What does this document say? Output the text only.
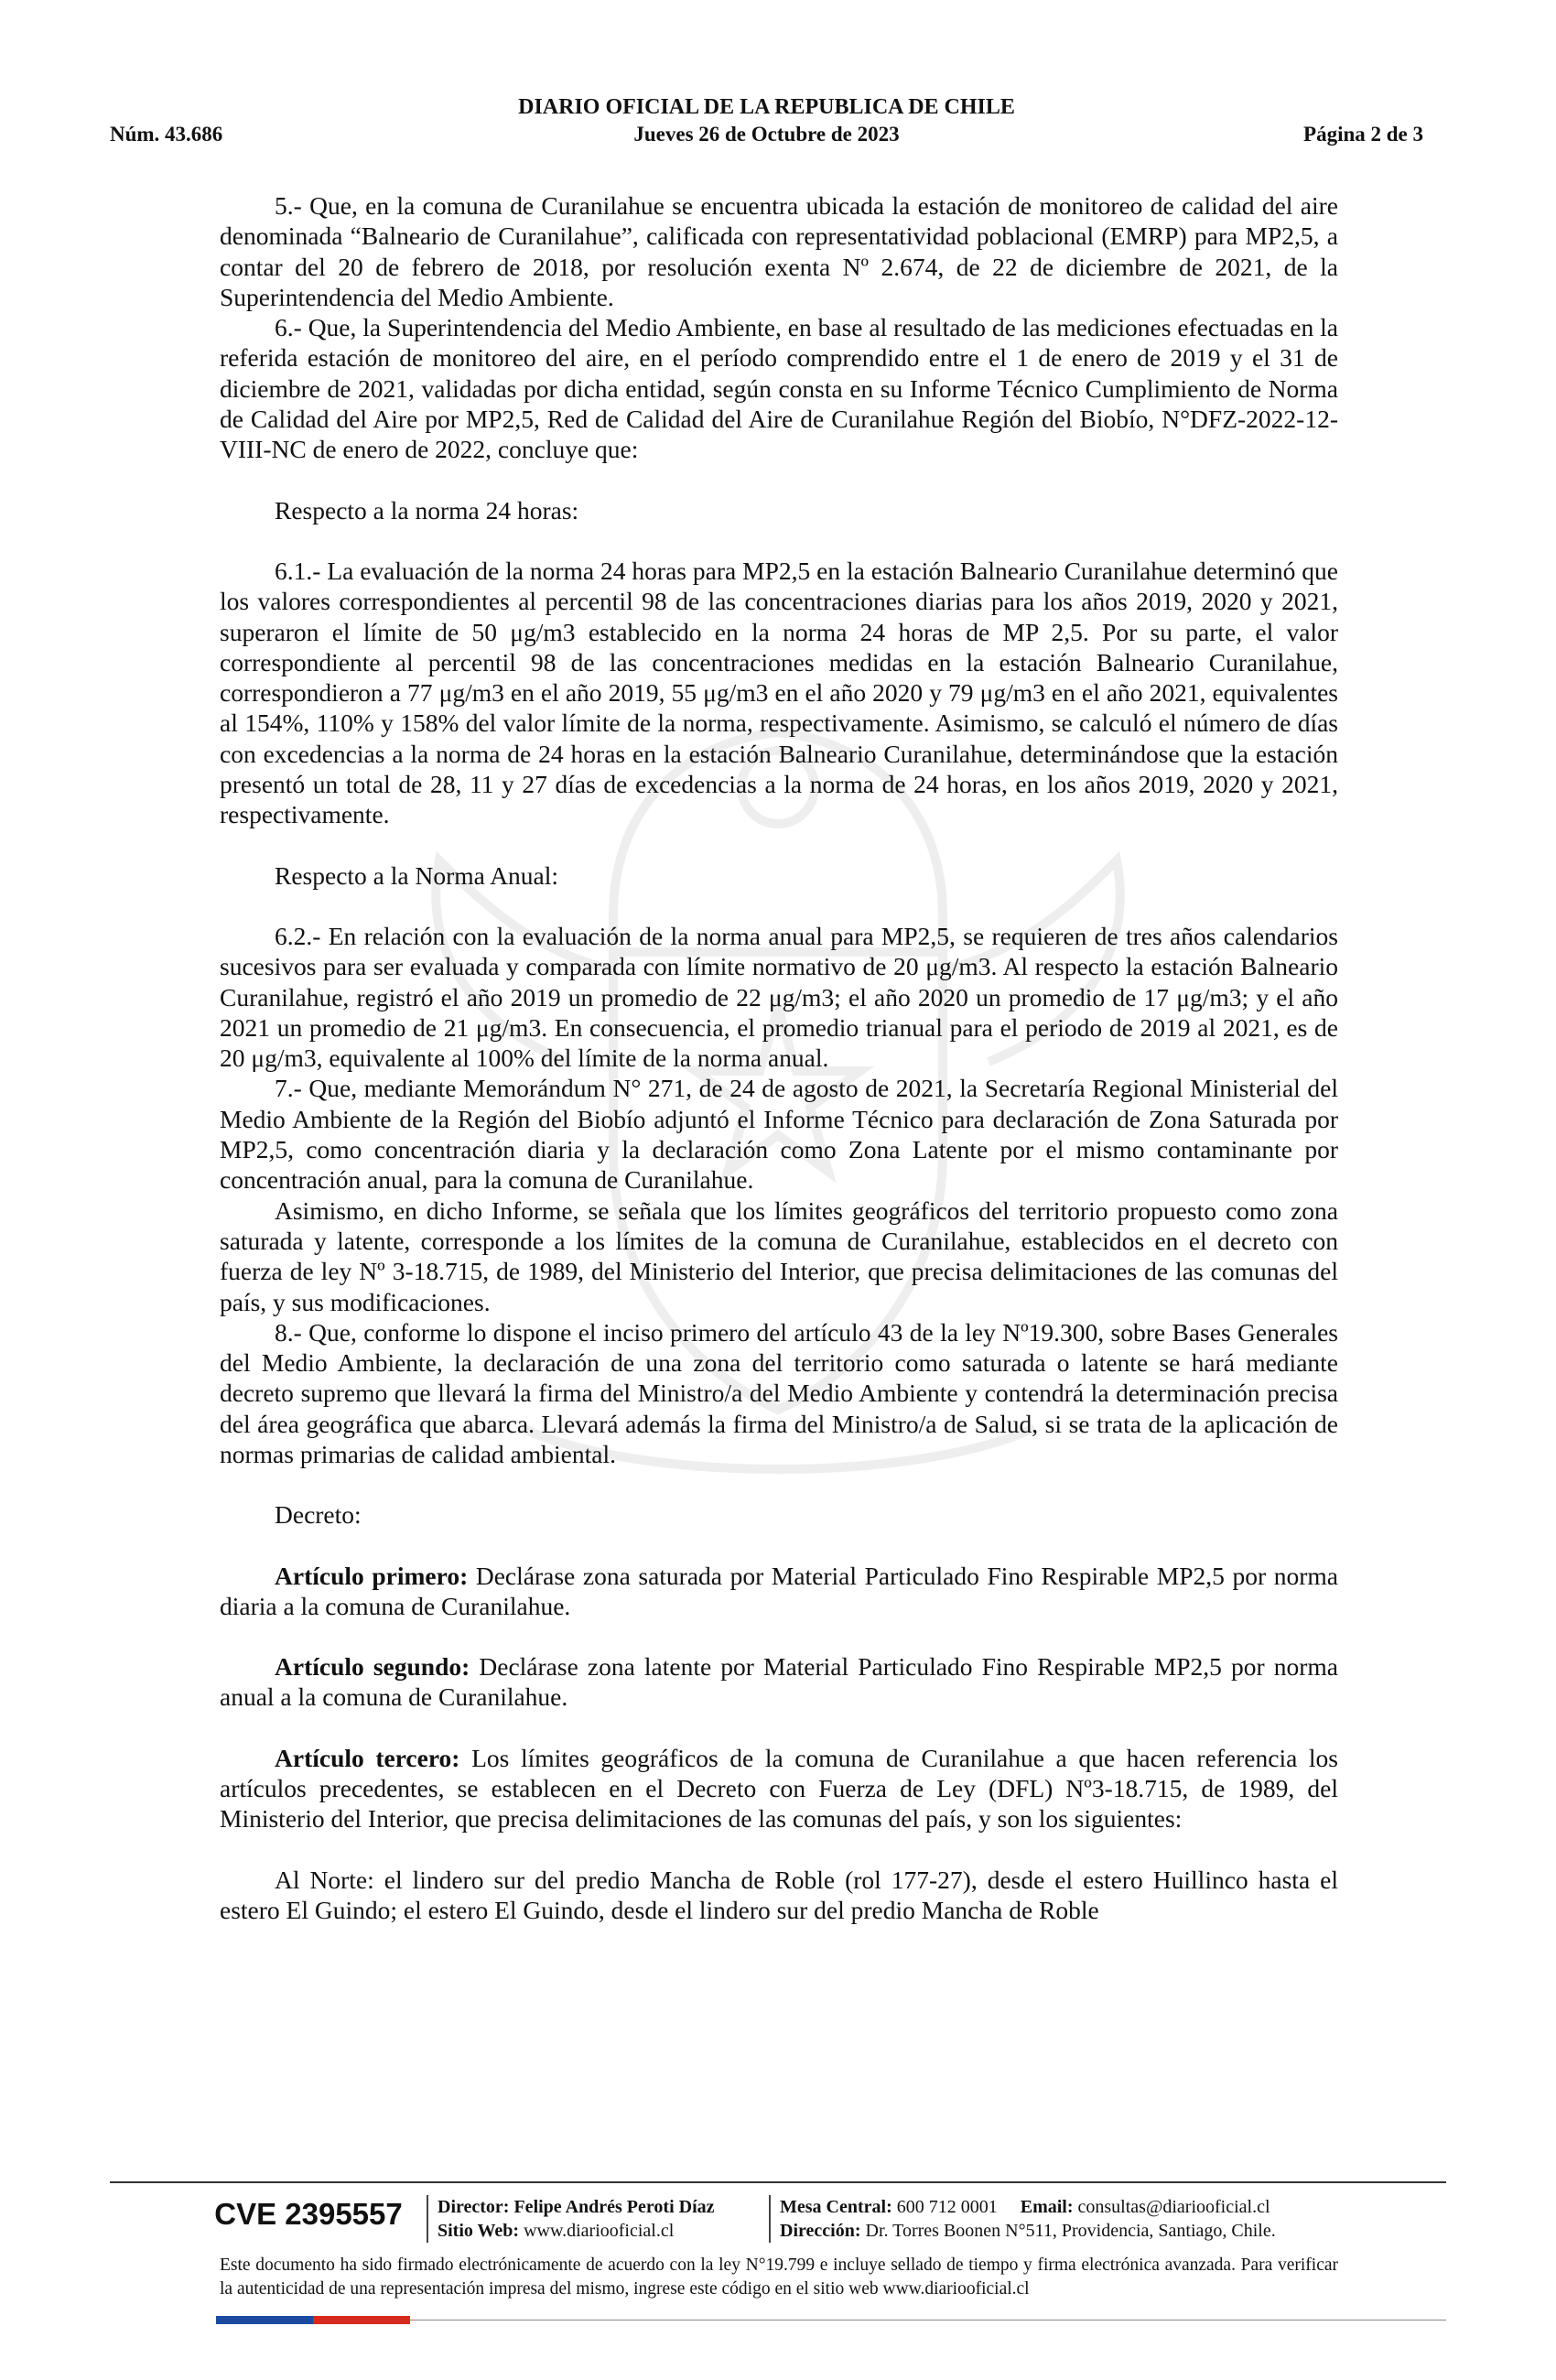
DIARIO OFICIAL DE LA REPUBLICA DE CHILE
Núm. 43.686	Jueves 26 de Octubre de 2023	Página 2 de 3

5.- Que, en la comuna de Curanilahue se encuentra ubicada la estación de monitoreo de calidad del aire denominada “Balneario de Curanilahue”, calificada con representatividad poblacional (EMRP) para MP2,5, a contar del 20 de febrero de 2018, por resolución exenta Nº 2.674, de 22 de diciembre de 2021, de la Superintendencia del Medio Ambiente.

6.- Que, la Superintendencia del Medio Ambiente, en base al resultado de las mediciones efectuadas en la referida estación de monitoreo del aire, en el período comprendido entre el 1 de enero de 2019 y el 31 de diciembre de 2021, validadas por dicha entidad, según consta en su Informe Técnico Cumplimiento de Norma de Calidad del Aire por MP2,5, Red de Calidad del Aire de Curanilahue Región del Biobío, N°DFZ-2022-12-VIII-NC de enero de 2022, concluye que:

Respecto a la norma 24 horas:

6.1.- La evaluación de la norma 24 horas para MP2,5 en la estación Balneario Curanilahue determinó que los valores correspondientes al percentil 98 de las concentraciones diarias para los años 2019, 2020 y 2021, superaron el límite de 50 μg/m3 establecido en la norma 24 horas de MP 2,5. Por su parte, el valor correspondiente al percentil 98 de las concentraciones medidas en la estación Balneario Curanilahue, correspondieron a 77 μg/m3 en el año 2019, 55 μg/m3 en el año 2020 y 79 μg/m3 en el año 2021, equivalentes al 154%, 110% y 158% del valor límite de la norma, respectivamente. Asimismo, se calculó el número de días con excedencias a la norma de 24 horas en la estación Balneario Curanilahue, determinándose que la estación presentó un total de 28, 11 y 27 días de excedencias a la norma de 24 horas, en los años 2019, 2020 y 2021, respectivamente.

Respecto a la Norma Anual:

6.2.- En relación con la evaluación de la norma anual para MP2,5, se requieren de tres años calendarios sucesivos para ser evaluada y comparada con límite normativo de 20 μg/m3. Al respecto la estación Balneario Curanilahue, registró el año 2019 un promedio de 22 μg/m3; el año 2020 un promedio de 17 μg/m3; y el año 2021 un promedio de 21 μg/m3. En consecuencia, el promedio trianual para el periodo de 2019 al 2021, es de 20 μg/m3, equivalente al 100% del límite de la norma anual.

7.- Que, mediante Memorándum N° 271, de 24 de agosto de 2021, la Secretaría Regional Ministerial del Medio Ambiente de la Región del Biobío adjuntó el Informe Técnico para declaración de Zona Saturada por MP2,5, como concentración diaria y la declaración como Zona Latente por el mismo contaminante por concentración anual, para la comuna de Curanilahue.

Asimismo, en dicho Informe, se señala que los límites geográficos del territorio propuesto como zona saturada y latente, corresponde a los límites de la comuna de Curanilahue, establecidos en el decreto con fuerza de ley Nº 3-18.715, de 1989, del Ministerio del Interior, que precisa delimitaciones de las comunas del país, y sus modificaciones.

8.- Que, conforme lo dispone el inciso primero del artículo 43 de la ley Nº19.300, sobre Bases Generales del Medio Ambiente, la declaración de una zona del territorio como saturada o latente se hará mediante decreto supremo que llevará la firma del Ministro/a del Medio Ambiente y contendrá la determinación precisa del área geográfica que abarca. Llevará además la firma del Ministro/a de Salud, si se trata de la aplicación de normas primarias de calidad ambiental.

Decreto:

Artículo primero: Declárase zona saturada por Material Particulado Fino Respirable MP2,5 por norma diaria a la comuna de Curanilahue.

Artículo segundo: Declárase zona latente por Material Particulado Fino Respirable MP2,5 por norma anual a la comuna de Curanilahue.

Artículo tercero: Los límites geográficos de la comuna de Curanilahue a que hacen referencia los artículos precedentes, se establecen en el Decreto con Fuerza de Ley (DFL) Nº3-18.715, de 1989, del Ministerio del Interior, que precisa delimitaciones de las comunas del país, y son los siguientes:

Al Norte: el lindero sur del predio Mancha de Roble (rol 177-27), desde el estero Huillinco hasta el estero El Guindo; el estero El Guindo, desde el lindero sur del predio Mancha de Roble

CVE 2395557	Director: Felipe Andrés Peroti Díaz
Sitio Web: www.diariooficial.cl
Mesa Central: 600 712 0001 Email: consultas@diariooficial.cl
Dirección: Dr. Torres Boonen N°511, Providencia, Santiago, Chile.
Este documento ha sido firmado electrónicamente de acuerdo con la ley N°19.799 e incluye sellado de tiempo y firma electrónica avanzada. Para verificar la autenticidad de una representación impresa del mismo, ingrese este código en el sitio web www.diariooficial.cl
